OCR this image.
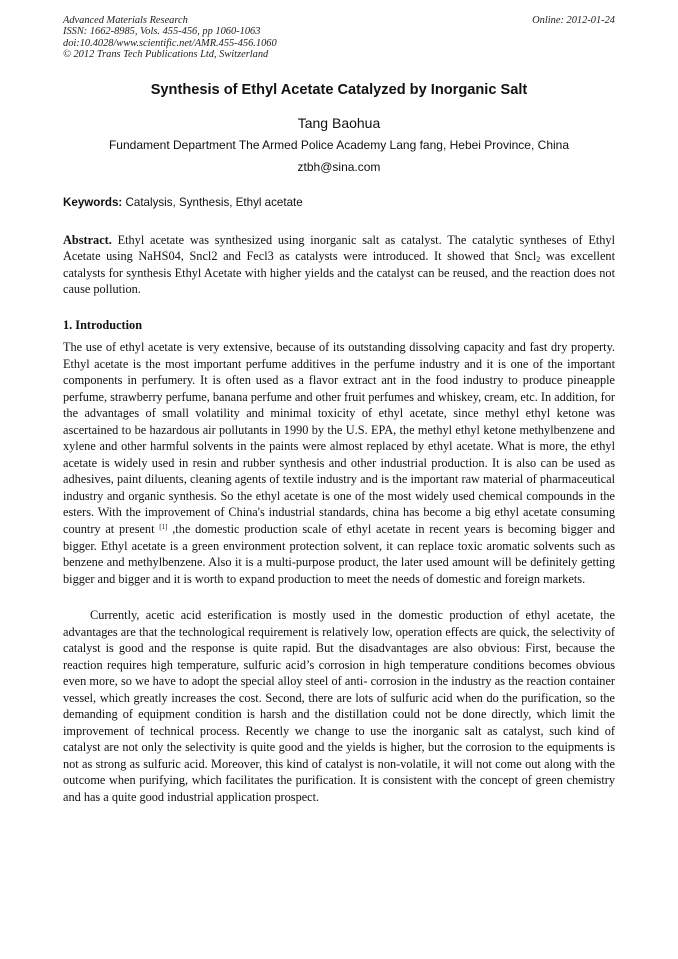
Advanced Materials Research
ISSN: 1662-8985, Vols. 455-456, pp 1060-1063
doi:10.4028/www.scientific.net/AMR.455-456.1060
© 2012 Trans Tech Publications Ltd, Switzerland
Online: 2012-01-24
Synthesis of Ethyl Acetate Catalyzed by Inorganic Salt
Tang Baohua
Fundament Department The Armed Police Academy Lang fang, Hebei Province, China
ztbh@sina.com
Keywords: Catalysis, Synthesis, Ethyl acetate

Abstract. Ethyl acetate was synthesized using inorganic salt as catalyst. The catalytic syntheses of Ethyl Acetate using NaHS04, Sncl2 and Fecl3 as catalysts were introduced. It showed that Sncl$_2$ was excellent catalysts for synthesis Ethyl Acetate with higher yields and the catalyst can be reused, and the reaction does not cause pollution.

1. Introduction

The use of ethyl acetate is very extensive, because of its outstanding dissolving capacity and fast dry property. Ethyl acetate is the most important perfume additives in the perfume industry and it is one of the important components in perfumery. It is often used as a flavor extract ant in the food industry to produce pineapple perfume, strawberry perfume, banana perfume and other fruit perfumes and whiskey, cream, etc. In addition, for the advantages of small volatility and minimal toxicity of ethyl acetate, since methyl ethyl ketone was ascertained to be hazardous air pollutants in 1990 by the U.S. EPA, the methyl ethyl ketone methylbenzene and xylene and other harmful solvents in the paints were almost replaced by ethyl acetate. What is more, the ethyl acetate is widely used in resin and rubber synthesis and other industrial production. It is also can be used as adhesives, paint diluents, cleaning agents of textile industry and is the important raw material of pharmaceutical industry and organic synthesis. So the ethyl acetate is one of the most widely used chemical compounds in the esters. With the improvement of China's industrial standards, china has become a big ethyl acetate consuming country at present [1] ,the domestic production scale of ethyl acetate in recent years is becoming bigger and bigger. Ethyl acetate is a green environment protection solvent, it can replace toxic aromatic solvents such as benzene and methylbenzene. Also it is a multi-purpose product, the later used amount will be definitely getting bigger and bigger and it is worth to expand production to meet the needs of domestic and foreign markets.

Currently, acetic acid esterification is mostly used in the domestic production of ethyl acetate, the advantages are that the technological requirement is relatively low, operation effects are quick, the selectivity of catalyst is good and the response is quite rapid. But the disadvantages are also obvious: First, because the reaction requires high temperature, sulfuric acid’s corrosion in high temperature conditions becomes obvious even more, so we have to adopt the special alloy steel of anti- corrosion in the industry as the reaction container vessel, which greatly increases the cost. Second, there are lots of sulfuric acid when do the purification, so the demanding of equipment condition is harsh and the distillation could not be done directly, which limit the improvement of technical process. Recently we change to use the inorganic salt as catalyst, such kind of catalyst are not only the selectivity is quite good and the yields is higher, but the corrosion to the equipments is not as strong as sulfuric acid. Moreover, this kind of catalyst is non-volatile, it will not come out along with the outcome when purifying, which facilitates the purification. It is consistent with the concept of green chemistry and has a quite good industrial application prospect.
